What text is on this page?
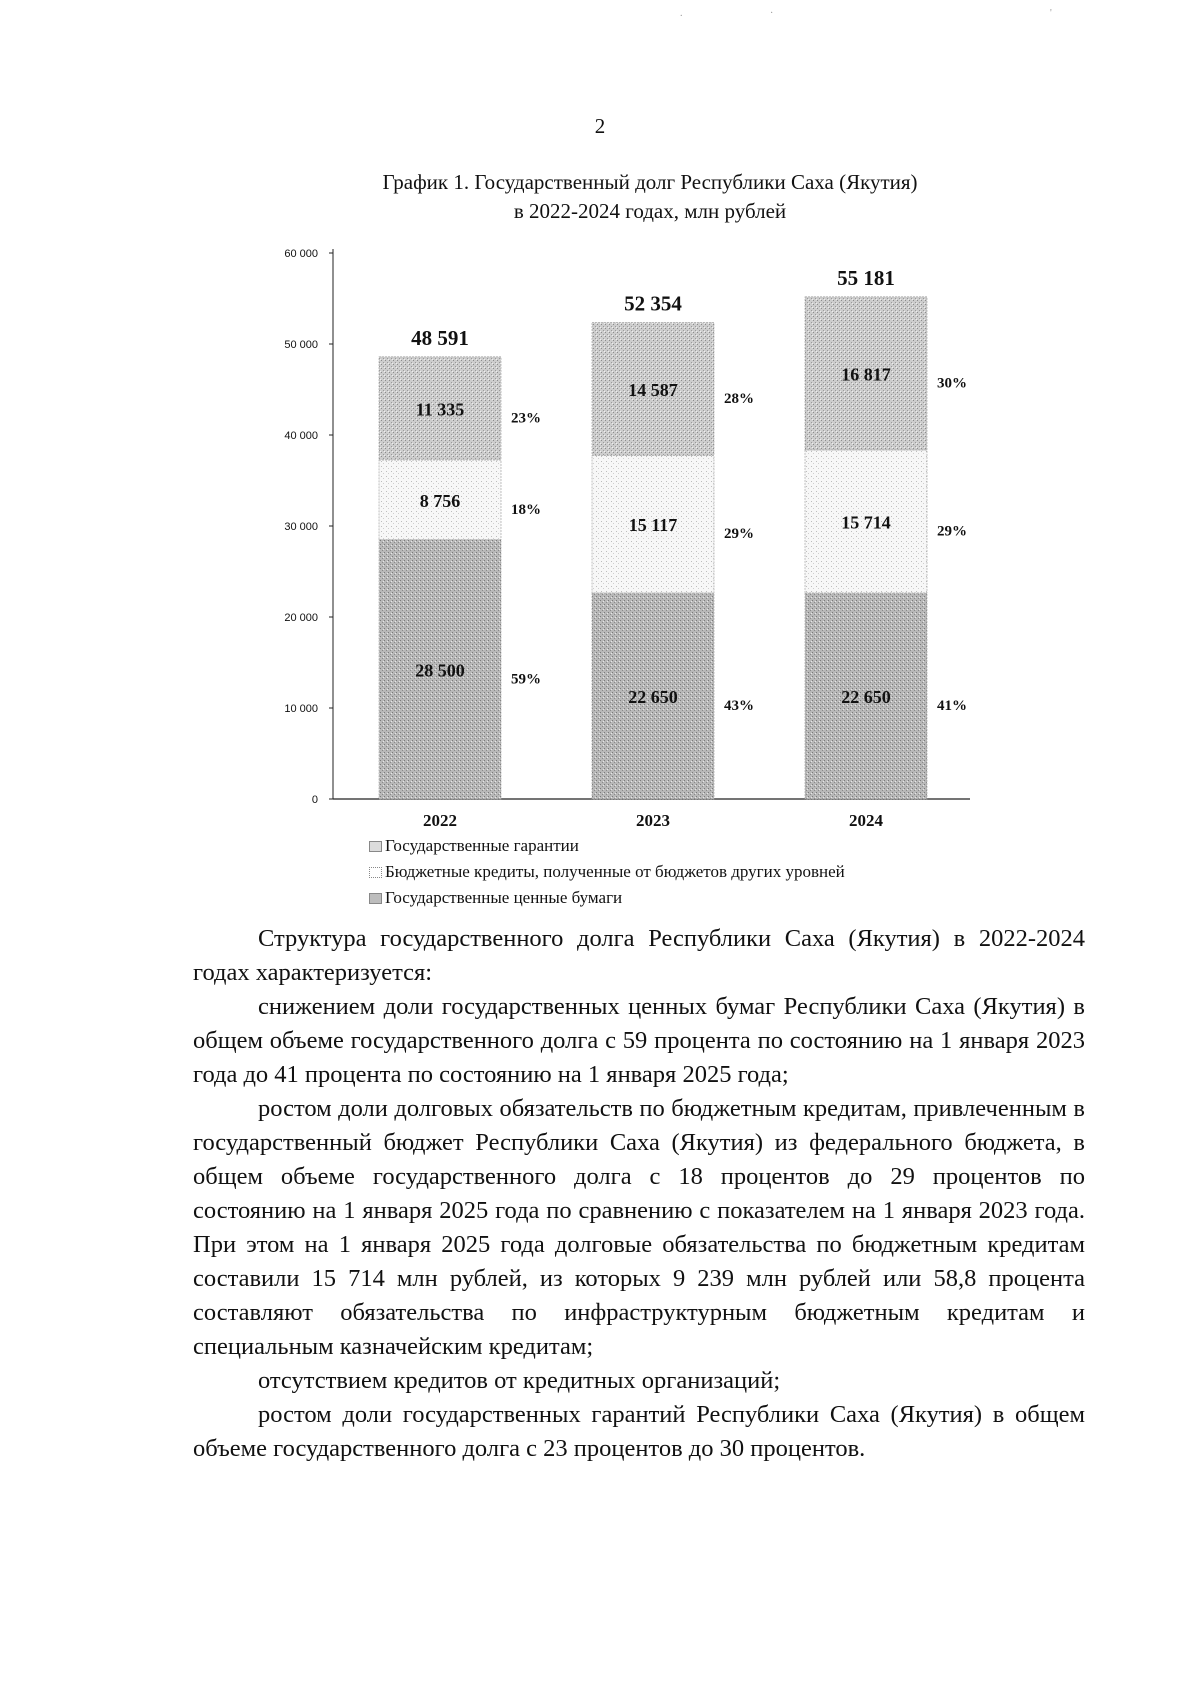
.	·	'
2
График 1. Государственный долг Республики Саха (Якутия)
в 2022-2024 годах, млн рублей
0
10 000
20 000
30 000
40 000
50 000
60 000
28 500	59%
8 756	18%
11 335	23%
48 591
2022
22 650	43%
15 117	29%
14 587	28%
52 354
2023
22 650	41%
15 714	29%
16 817	30%
55 181
2024
Государственные гарантии
Бюджетные кредиты, полученные от бюджетов других уровней
Государственные ценные бумаги

Структура государственного долга Республики Саха (Якутия) в 2022-2024 годах характеризуется:

снижением доли государственных ценных бумаг Республики Саха (Якутия) в общем объеме государственного долга с 59 процента по состоянию на 1 января 2023 года до 41 процента по состоянию на 1 января 2025 года;

ростом доли долговых обязательств по бюджетным кредитам, привлеченным в государственный бюджет Республики Саха (Якутия) из федерального бюджета, в общем объеме государственного долга с 18 процентов до 29 процентов по состоянию на 1 января 2025 года по сравнению с показателем на 1 января 2023 года. При этом на 1 января 2025 года долговые обязательства по бюджетным кредитам составили 15 714 млн рублей, из которых 9 239 млн рублей или 58,8 процента составляют обязательства по инфраструктурным бюджетным кредитам и специальным казначейским кредитам;

отсутствием кредитов от кредитных организаций;

ростом доли государственных гарантий Республики Саха (Якутия) в общем объеме государственного долга с 23 процентов до 30 процентов.
